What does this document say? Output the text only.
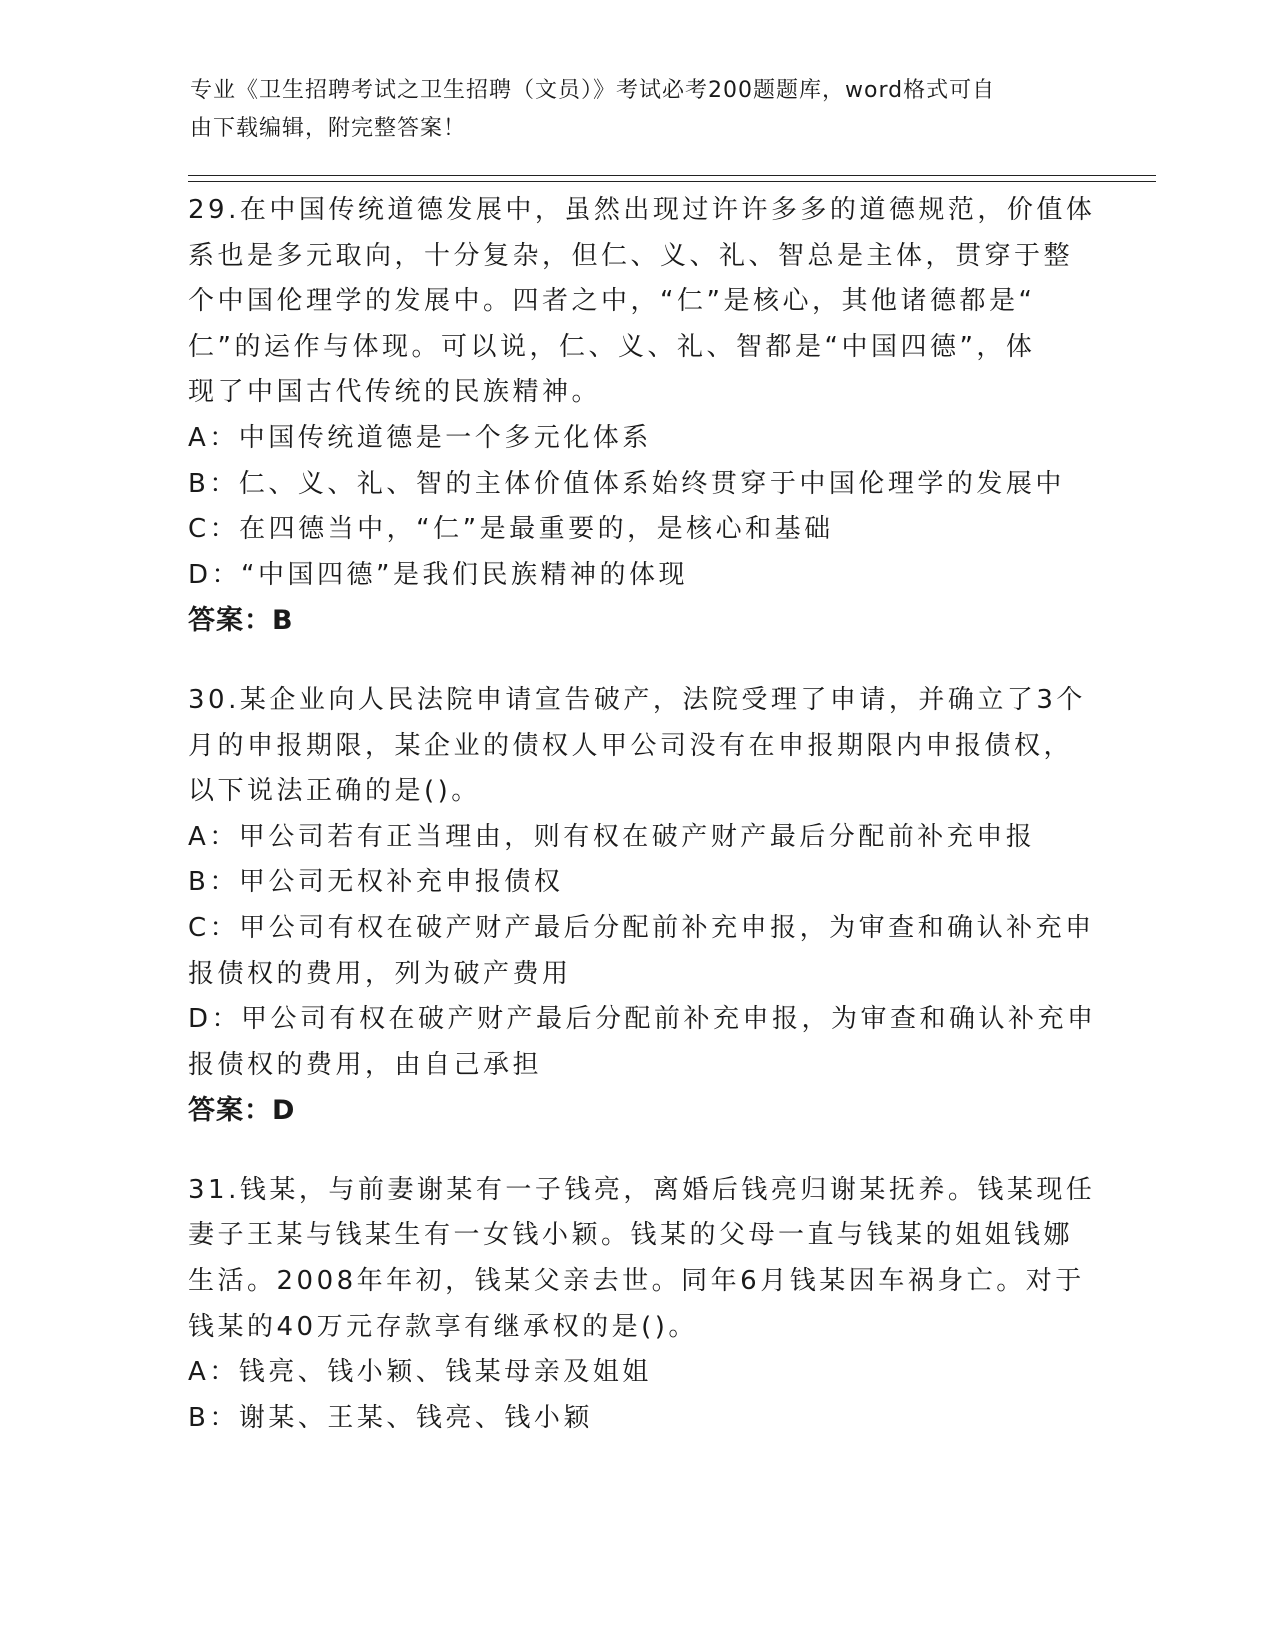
专业《卫生招聘考试之卫生招聘（文员）》考试必考200题题库，word格式可自
由下载编辑，附完整答案！
29.在中国传统道德发展中，虽然出现过许许多多的道德规范，价值体
系也是多元取向，十分复杂，但仁、义、礼、智总是主体，贯穿于整
个中国伦理学的发展中。四者之中，“仁”是核心，其他诸德都是“
仁”的运作与体现。可以说，仁、义、礼、智都是“中国四德”，体
现了中国古代传统的民族精神。
A：中国传统道德是一个多元化体系
B：仁、义、礼、智的主体价值体系始终贯穿于中国伦理学的发展中
C：在四德当中，“仁”是最重要的，是核心和基础
D：“中国四德”是我们民族精神的体现
答案：B
30.某企业向人民法院申请宣告破产，法院受理了申请，并确立了3个
月的申报期限，某企业的债权人甲公司没有在申报期限内申报债权，
以下说法正确的是()。
A：甲公司若有正当理由，则有权在破产财产最后分配前补充申报
B：甲公司无权补充申报债权
C：甲公司有权在破产财产最后分配前补充申报，为审查和确认补充申
报债权的费用，列为破产费用
D：甲公司有权在破产财产最后分配前补充申报，为审查和确认补充申
报债权的费用，由自己承担
答案：D
31.钱某，与前妻谢某有一子钱亮，离婚后钱亮归谢某抚养。钱某现任
妻子王某与钱某生有一女钱小颖。钱某的父母一直与钱某的姐姐钱娜
生活。2008年年初，钱某父亲去世。同年6月钱某因车祸身亡。对于
钱某的40万元存款享有继承权的是()。
A：钱亮、钱小颖、钱某母亲及姐姐
B：谢某、王某、钱亮、钱小颖
